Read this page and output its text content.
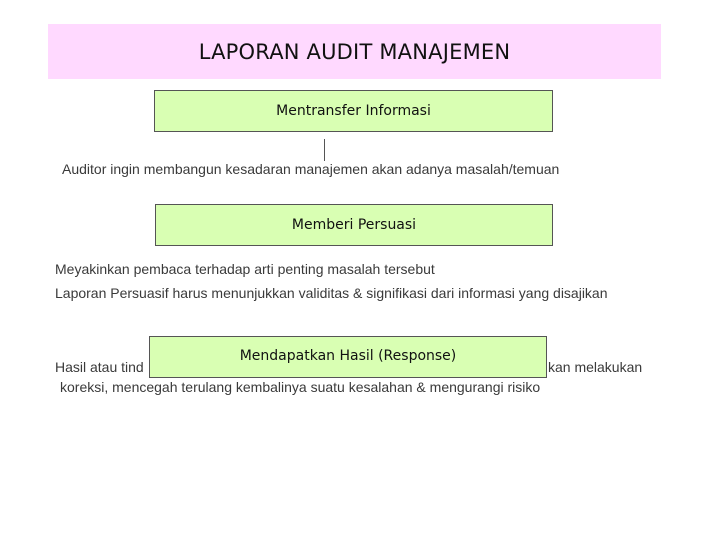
LAPORAN AUDIT MANAJEMEN
Mentransfer Informasi
Auditor ingin membangun kesadaran manajemen akan adanya masalah/temuan
Memberi Persuasi
Meyakinkan pembaca terhadap arti penting masalah tersebut
Laporan Persuasif harus menunjukkan validitas & signifikasi dari informasi yang disajikan
Hasil atau tind	kan melakukan
koreksi, mencegah terulang kembalinya suatu kesalahan & mengurangi risiko
Mendapatkan Hasil (Response)
